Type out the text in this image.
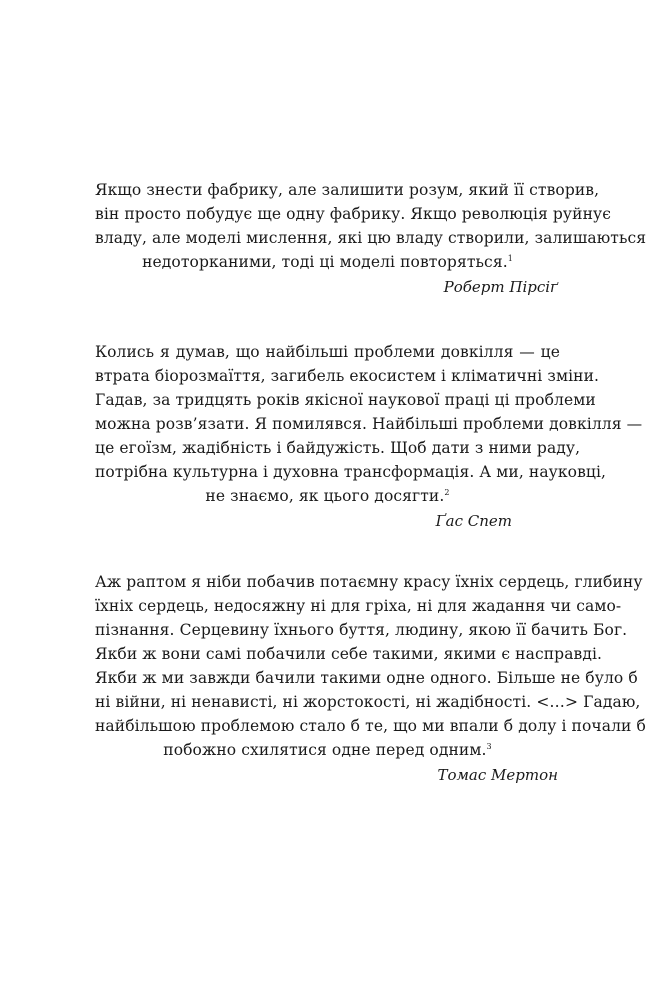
Якщо знести фабрику, але залишити розум, який її створив,
він просто побудує ще одну фабрику. Якщо революція руйнує
владу, але моделі мислення, які цю владу створили, залишаються
недоторканими, тоді ці моделі повторяться.$^1$
Роберт Пірсіґ
Колись я думав, що найбільші проблеми довкілля — це
втрата біорозмаїття, загибель екосистем і кліматичні зміни.
Гадав, за тридцять років якісної наукової праці ці проблеми
можна розв’язати. Я помилявся. Найбільші проблеми довкілля —
це егоїзм, жадібність і байдужість. Щоб дати з ними раду,
потрібна культурна і духовна трансформація. А ми, науковці,
не знаємо, як цього досягти.$^2$
Ґас Спет
Аж раптом я ніби побачив потаємну красу їхніх сердець, глибину
їхніх сердець, недосяжну ні для гріха, ні для жадання чи само-
пізнання. Серцевину їхнього буття, людину, якою її бачить Бог.
Якби ж вони самі побачили себе такими, якими є насправді.
Якби ж ми завжди бачили такими одне одного. Більше не було б
ні війни, ні ненависті, ні жорстокості, ні жадібності. <…> Гадаю,
найбільшою проблемою стало б те, що ми впали б долу і почали б
побожно схилятися одне перед одним.$^3$
Томас Мертон
